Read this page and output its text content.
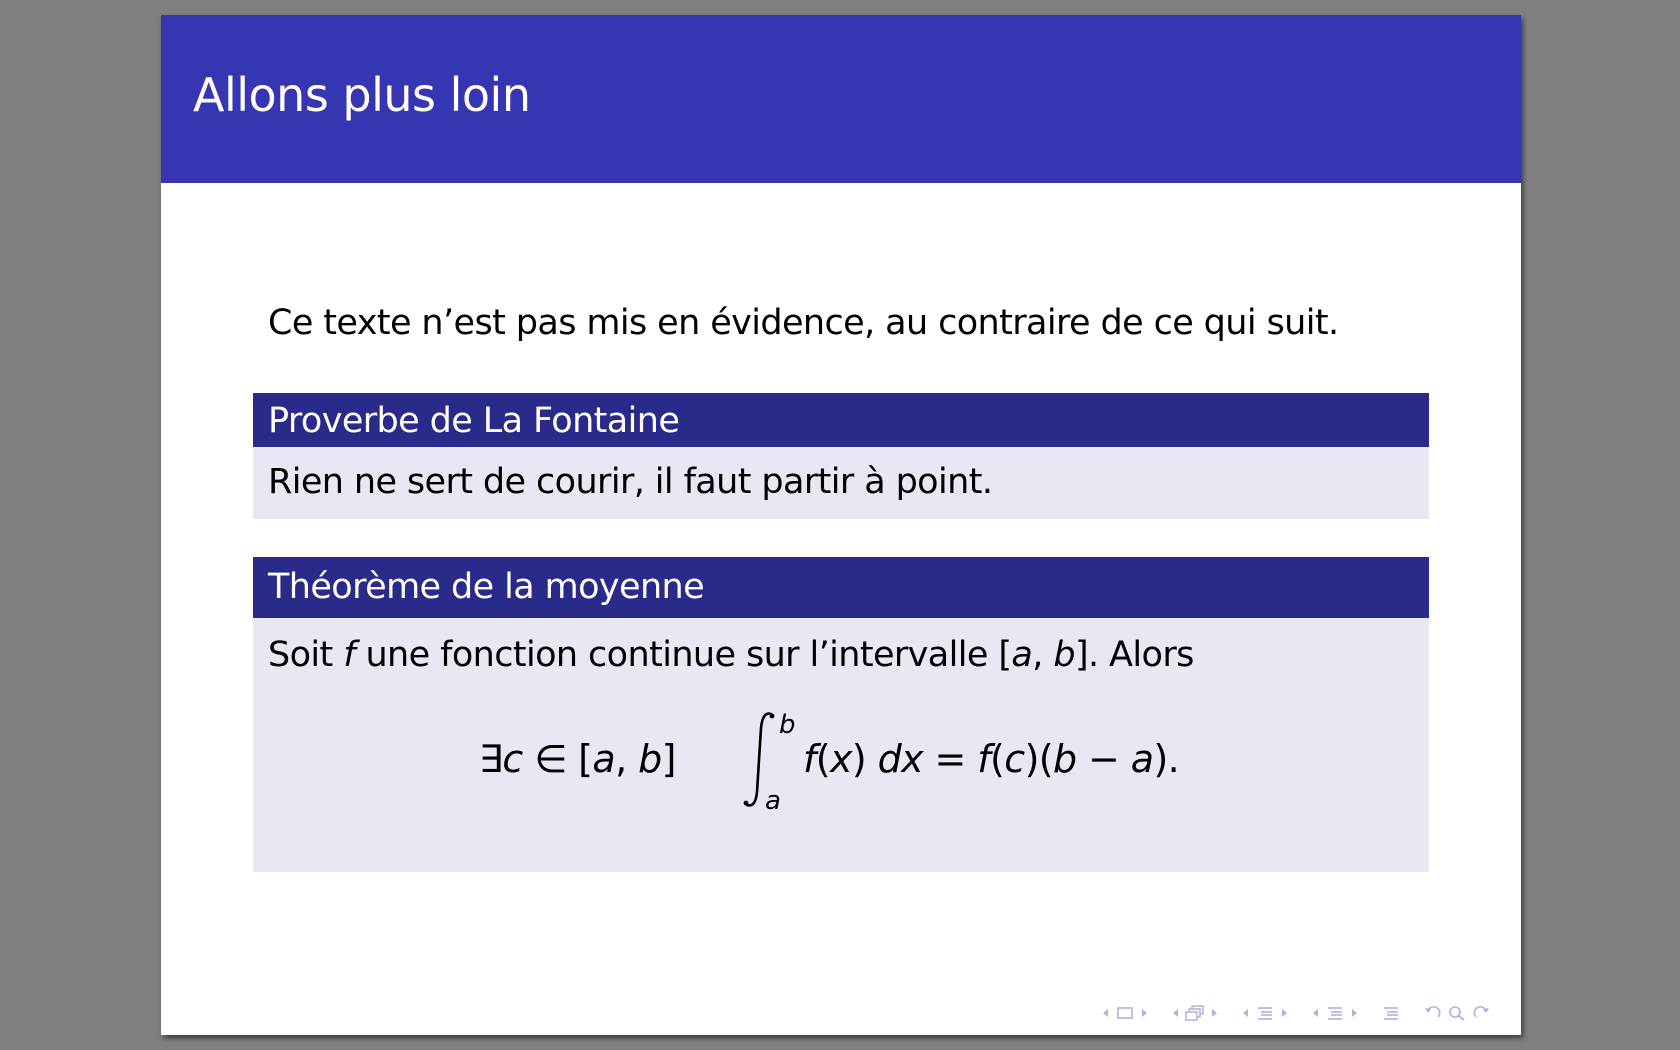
Allons plus loin
Ce texte n’est pas mis en évidence, au contraire de ce qui suit.
Proverbe de La Fontaine
Rien ne sert de courir, il faut partir à point.
Théorème de la moyenne
Soit f une fonction continue sur l’intervalle [a, b]. Alors
∃c ∈ [a, b]
b
a
f(x) dx = f(c)(b − a).
